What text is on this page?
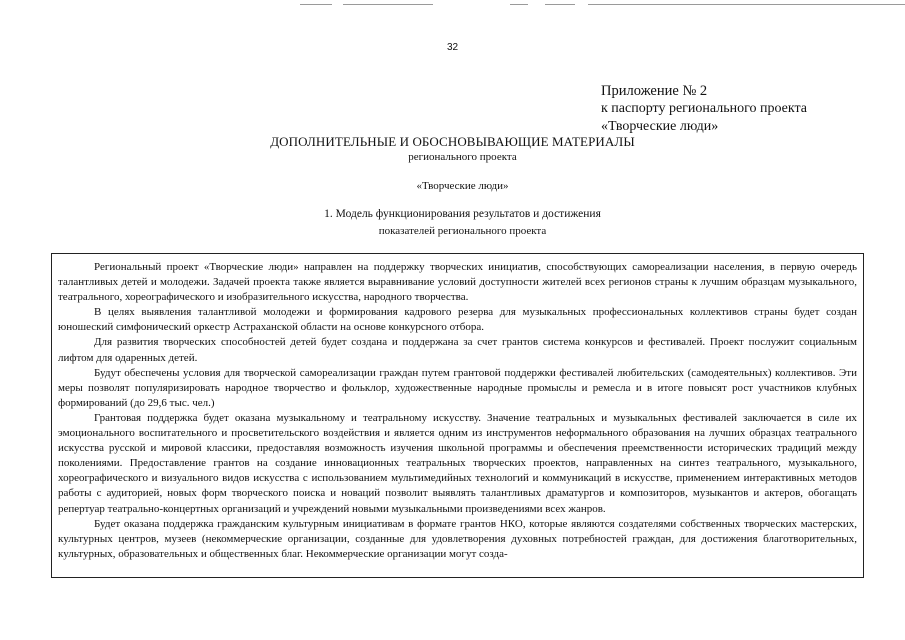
32
Приложение № 2
к паспорту регионального проекта
«Творческие люди»
ДОПОЛНИТЕЛЬНЫЕ И ОБОСНОВЫВАЮЩИЕ МАТЕРИАЛЫ
регионального проекта
«Творческие люди»
1. Модель функционирования результатов и достижения
показателей регионального проекта

Региональный проект «Творческие люди» направлен на поддержку творческих инициатив, способствующих самореализации населения, в первую очередь талантливых детей и молодежи. Задачей проекта также является выравнивание условий доступности жителей всех регионов страны к лучшим образцам музыкального, театрального, хореографического и изобразительного искусства, народного творчества.

В целях выявления талантливой молодежи и формирования кадрового резерва для музыкальных профессиональных коллективов страны будет создан юношеский симфонический оркестр Астраханской области на основе конкурсного отбора.

Для развития творческих способностей детей будет создана и поддержана за счет грантов система конкурсов и фестивалей. Проект послужит социальным лифтом для одаренных детей.

Будут обеспечены условия для творческой самореализации граждан путем грантовой поддержки фестивалей любительских (самодеятельных) коллективов. Эти меры позволят популяризировать народное творчество и фольклор, художественные народные промыслы и ремесла и в итоге повысят рост участников клубных формирований (до 29,6 тыс. чел.)

Грантовая поддержка будет оказана музыкальному и театральному искусству. Значение театральных и музыкальных фестивалей заключается в силе их эмоционального воспитательного и просветительского воздействия и является одним из инструментов неформального образования на лучших образцах театрального искусства русской и мировой классики, предоставляя возможность изучения школьной программы и обеспечения преемственности исторических традиций между поколениями. Предоставление грантов на создание инновационных театральных творческих проектов, направленных на синтез театрального, музыкального, хореографического и визуального видов искусства с использованием мультимедийных технологий и коммуникаций в искусстве, применением интерактивных методов работы с аудиторией, новых форм творческого поиска и новаций позволит выявлять талантливых драматургов и композиторов, музыкантов и актеров, обогащать репертуар театрально-концертных организаций и учреждений новыми музыкальными произведениями всех жанров.

Будет оказана поддержка гражданским культурным инициативам в формате грантов НКО, которые являются создателями собственных творческих мастерских, культурных центров, музеев (некоммерческие организации, созданные для удовлетворения духовных потребностей граждан, для достижения благотворительных, культурных, образовательных и общественных благ. Некоммерческие организации могут созда-
